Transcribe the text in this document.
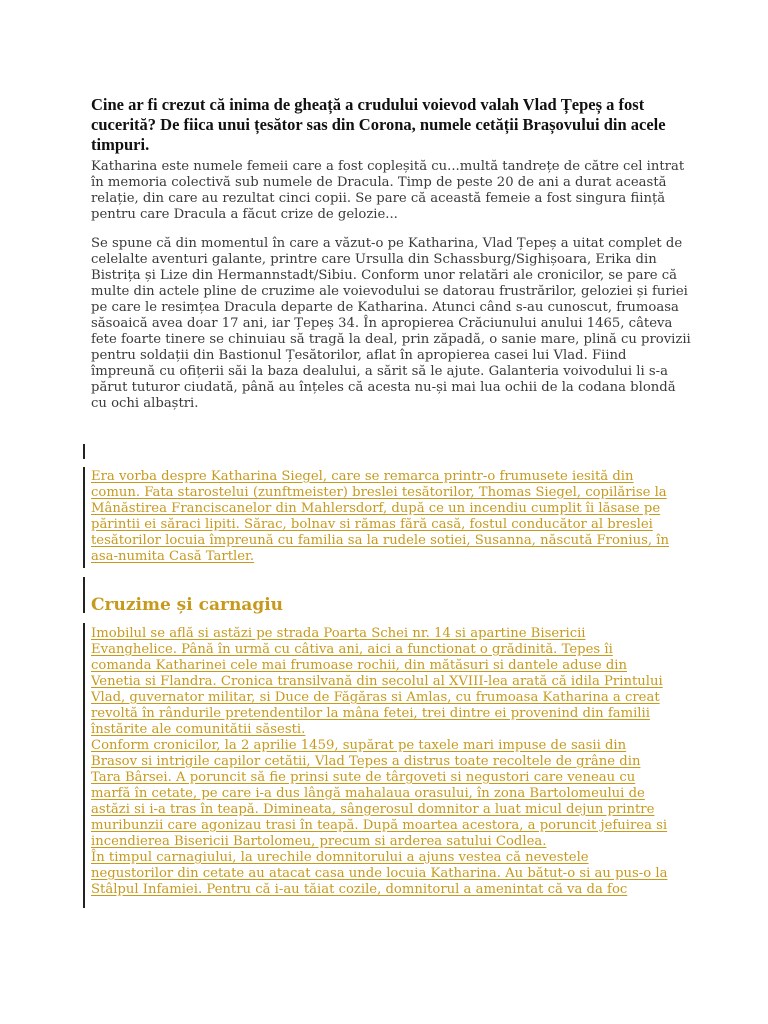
Cine ar fi crezut că inima de gheață a crudului voievod valah Vlad Țepeș a fost cucerită? De fiica unui țesător sas din Corona, numele cetății Brașovului din acele timpuri.

Katharina este numele femeii care a fost copleșită cu...multă tandrețe de către cel intrat în memoria colectivă sub numele de Dracula. Timp de peste 20 de ani a durat această relație, din care au rezultat cinci copii. Se pare că această femeie a fost singura ființă pentru care Dracula a făcut crize de gelozie...

Se spune că din momentul în care a văzut-o pe Katharina, Vlad Țepeș a uitat complet de celelalte aventuri galante, printre care Ursulla din Schassburg/Sighișoara, Erika din Bistrița și Lize din Hermannstadt/Sibiu. Conform unor relatări ale cronicilor, se pare că multe din actele pline de cruzime ale voievodului se datorau frustrărilor, geloziei și furiei pe care le resimțea Dracula departe de Katharina. Atunci când s-au cunoscut, frumoasa săsoaică avea doar 17 ani, iar Țepeș 34. În apropierea Crăciunului anului 1465, câteva fete foarte tinere se chinuiau să tragă la deal, prin zăpadă, o sanie mare, plină cu provizii pentru soldații din Bastionul Țesătorilor, aflat în apropierea casei lui Vlad. Fiind împreună cu ofițerii săi la baza dealului, a sărit să le ajute. Galanteria voivodului li s-a părut tuturor ciudată, până au înțeles că acesta nu-și mai lua ochii de la codana blondă cu ochi albaștri.

Era vorba despre Katharina Siegel, care se remarca printr-o frumusete iesită din
comun. Fata starostelui (zunftmeister) breslei tesătorilor, Thomas Siegel, copilărise la
Mânăstirea Franciscanelor din Mahlersdorf, după ce un incendiu cumplit îi lăsase pe
părintii ei săraci lipiti. Sărac, bolnav si rămas fără casă, fostul conducător al breslei
tesătorilor locuia împreună cu familia sa la rudele sotiei, Susanna, născută Fronius, în
asa-numita Casă Tartler.
Cruzime și carnagiu
Imobilul se află si astăzi pe strada Poarta Schei nr. 14 si apartine Bisericii
Evanghelice. Până în urmă cu câtiva ani, aici a functionat o grădinită. Tepes îi
comanda Katharinei cele mai frumoase rochii, din mătăsuri si dantele aduse din
Venetia si Flandra. Cronica transilvană din secolul al XVIII-lea arată că idila Printului
Vlad, guvernator militar, si Duce de Făgăras si Amlas, cu frumoasa Katharina a creat
revoltă în rândurile pretendentilor la mâna fetei, trei dintre ei provenind din familii
înstărite ale comunitătii săsesti.
Conform cronicilor, la 2 aprilie 1459, supărat pe taxele mari impuse de sasii din
Brasov si intrigile capilor cetătii, Vlad Tepes a distrus toate recoltele de grâne din
Tara Bârsei. A poruncit să fie prinsi sute de târgoveti si negustori care veneau cu
marfă în cetate, pe care i-a dus lângă mahalaua orasului, în zona Bartolomeului de
astăzi si i-a tras în teapă. Dimineata, sângerosul domnitor a luat micul dejun printre
muribunzii care agonizau trasi în teapă. După moartea acestora, a poruncit jefuirea si
incendierea Bisericii Bartolomeu, precum si arderea satului Codlea.
În timpul carnagiului, la urechile domnitorului a ajuns vestea că nevestele
negustorilor din cetate au atacat casa unde locuia Katharina. Au bătut-o si au pus-o la
Stâlpul Infamiei. Pentru că i-au tăiat cozile, domnitorul a amenintat că va da foc
